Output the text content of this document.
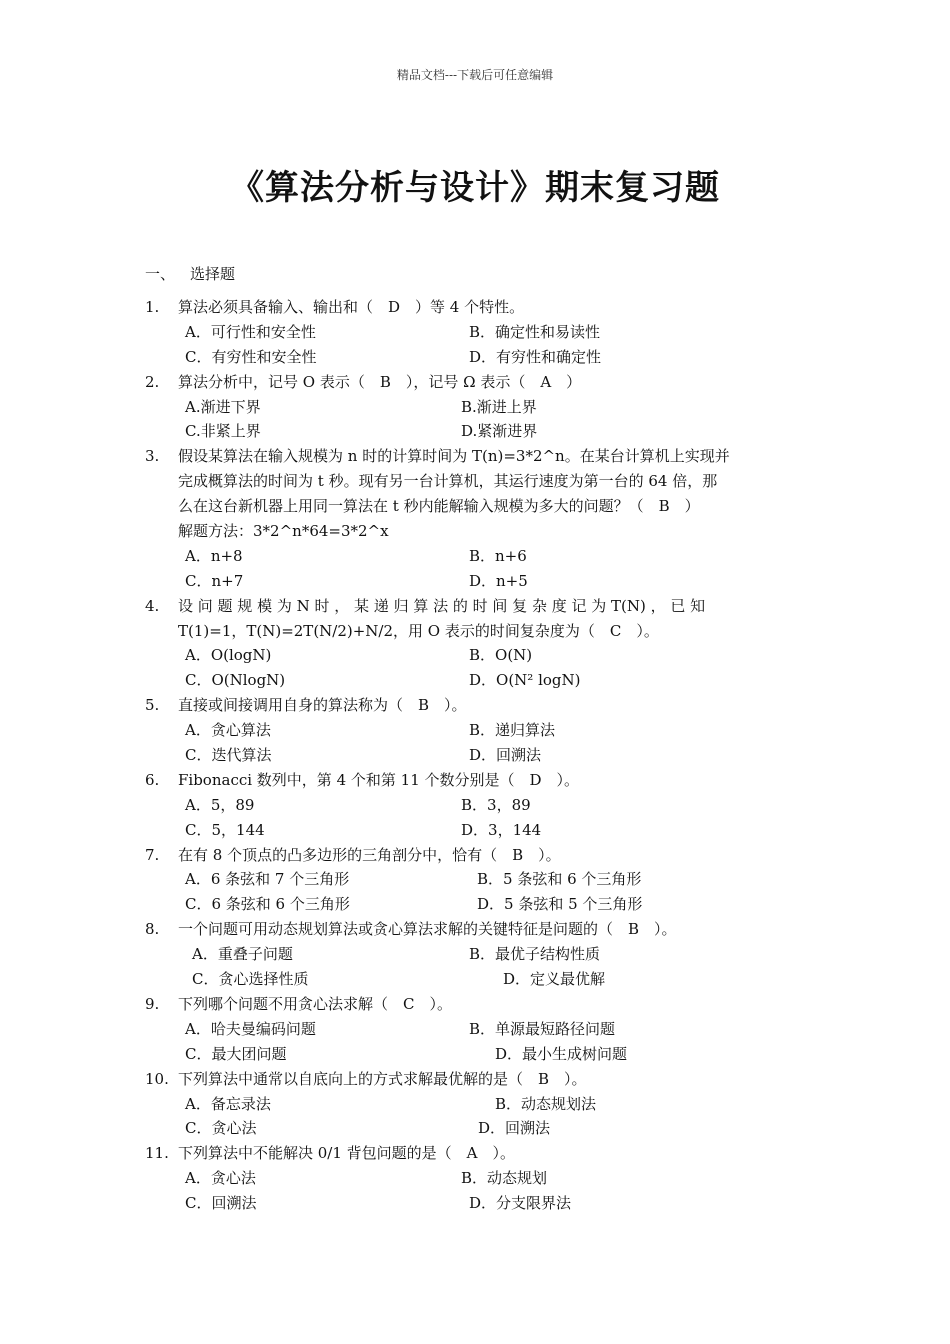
精品文档---下载后可任意编辑
《算法分析与设计》期末复习题
一、 选择题
1. 算法必须具备输入、输出和（　D　）等 4 个特性。
A．可行性和安全性	B．确定性和易读性
C．有穷性和安全性	D．有穷性和确定性
2. 算法分析中，记号 O 表示（　B　），记号 Ω 表示（　A　）
A.渐进下界	B.渐进上界
C.非紧上界	D.紧渐进界
3. 假设某算法在输入规模为 n 时的计算时间为 T(n)=3*2^n。在某台计算机上实现并
完成概算法的时间为 t 秒。现有另一台计算机，其运行速度为第一台的 64 倍，那
么在这台新机器上用同一算法在 t 秒内能解输入规模为多大的问题？（　B　）
解题方法：3*2^n*64=3*2^x
A．n+8	B．n+6
C．n+7	D．n+5
4. 设 问 题 规 模 为 N 时 ， 某 递 归 算 法 的 时 间 复 杂 度 记 为 T(N) ， 已 知
T(1)=1，T(N)=2T(N/2)+N/2，用 O 表示的时间复杂度为（　C　）。
A．O(logN)	B．O(N)
C．O(NlogN)	D．O(N² logN)
5. 直接或间接调用自身的算法称为（　B　）。
A．贪心算法	B．递归算法
C．迭代算法	D．回溯法
6. Fibonacci 数列中，第 4 个和第 11 个数分别是（　D　）。
A．5，89	B．3，89
C．5，144	D．3，144
7. 在有 8 个顶点的凸多边形的三角剖分中，恰有（　B　）。
A．6 条弦和 7 个三角形	B．5 条弦和 6 个三角形
C．6 条弦和 6 个三角形	D．5 条弦和 5 个三角形
8. 一个问题可用动态规划算法或贪心算法求解的关键特征是问题的（　B　）。
A．重叠子问题	B．最优子结构性质
C．贪心选择性质	D．定义最优解
9. 下列哪个问题不用贪心法求解（　C　）。
A．哈夫曼编码问题	B．单源最短路径问题
C．最大团问题	D．最小生成树问题
10. 下列算法中通常以自底向上的方式求解最优解的是（　B　）。
A．备忘录法	B．动态规划法
C．贪心法	D．回溯法
11. 下列算法中不能解决 0/1 背包问题的是（　A　）。
A．贪心法	B．动态规划
C．回溯法	D．分支限界法
